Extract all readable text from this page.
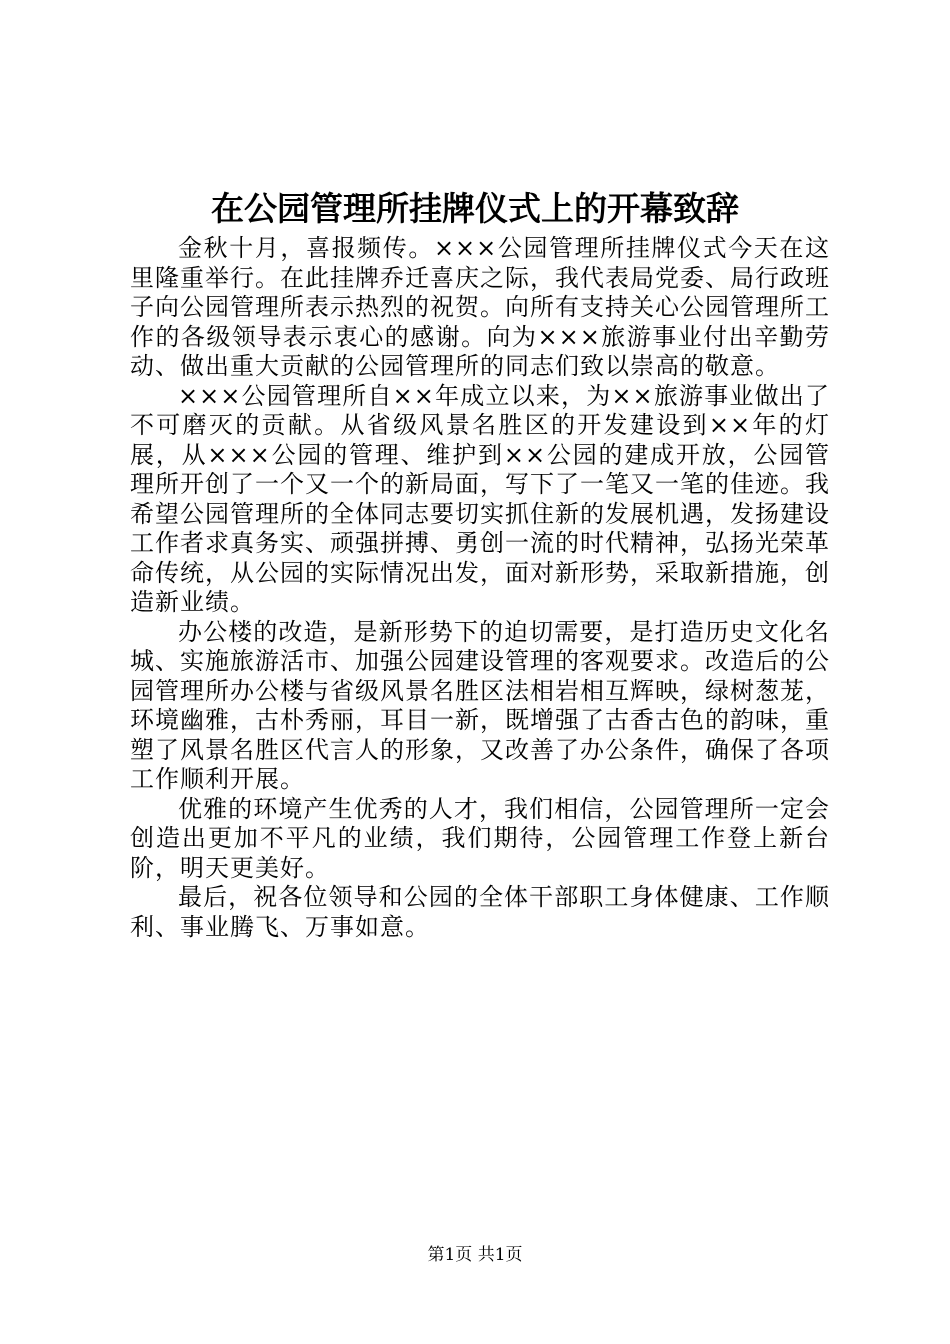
在公园管理所挂牌仪式上的开幕致辞

金秋十月，喜报频传。×××公园管理所挂牌仪式今天在这里隆重举行。在此挂牌乔迁喜庆之际，我代表局党委、局行政班子向公园管理所表示热烈的祝贺。向所有支持关心公园管理所工作的各级领导表示衷心的感谢。向为×××旅游事业付出辛勤劳动、做出重大贡献的公园管理所的同志们致以崇高的敬意。

×××公园管理所自××年成立以来，为××旅游事业做出了不可磨灭的贡献。从省级风景名胜区的开发建设到××年的灯展，从×××公园的管理、维护到××公园的建成开放，公园管理所开创了一个又一个的新局面，写下了一笔又一笔的佳迹。我希望公园管理所的全体同志要切实抓住新的发展机遇，发扬建设工作者求真务实、顽强拼搏、勇创一流的时代精神，弘扬光荣革命传统，从公园的实际情况出发，面对新形势，采取新措施，创造新业绩。

办公楼的改造，是新形势下的迫切需要，是打造历史文化名城、实施旅游活市、加强公园建设管理的客观要求。改造后的公园管理所办公楼与省级风景名胜区法相岩相互辉映，绿树葱茏，环境幽雅，古朴秀丽，耳目一新，既增强了古香古色的韵味，重塑了风景名胜区代言人的形象，又改善了办公条件，确保了各项工作顺利开展。

优雅的环境产生优秀的人才，我们相信，公园管理所一定会创造出更加不平凡的业绩，我们期待，公园管理工作登上新台阶，明天更美好。

最后，祝各位领导和公园的全体干部职工身体健康、工作顺利、事业腾飞、万事如意。

第1页 共1页
